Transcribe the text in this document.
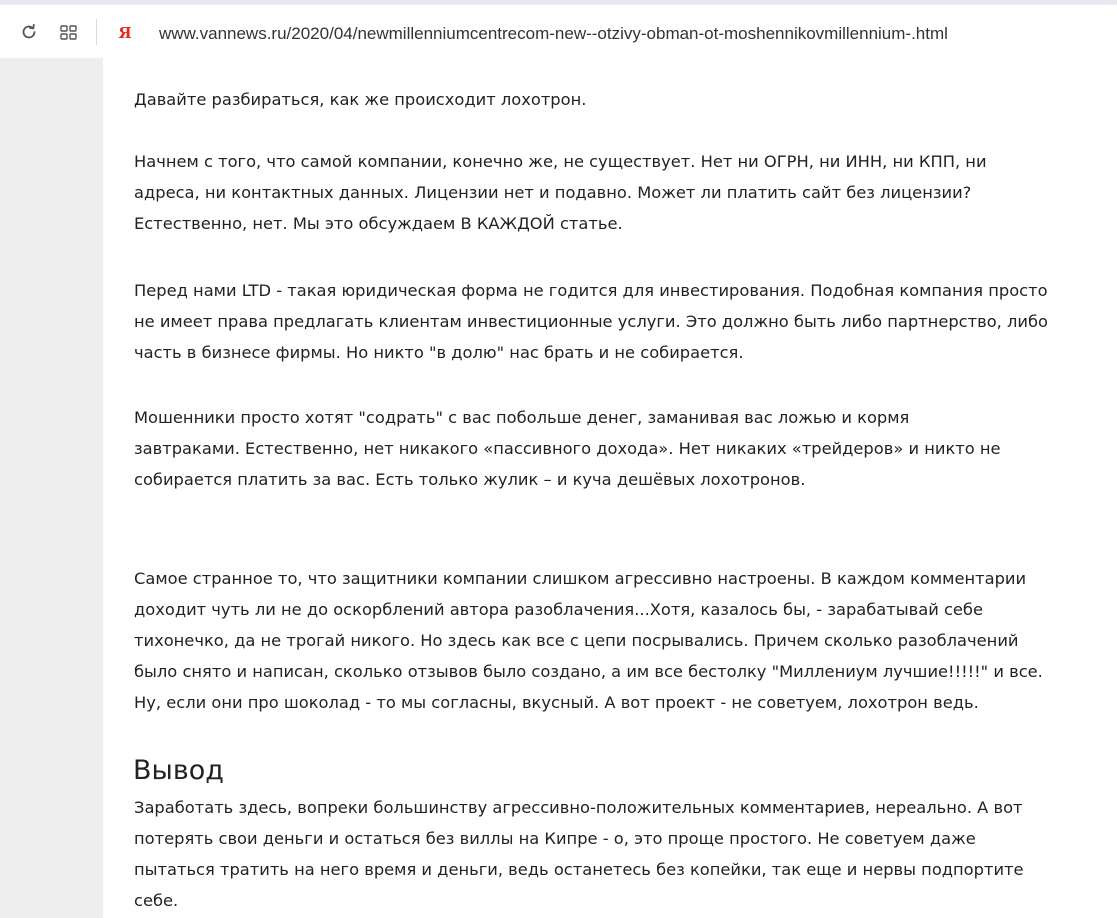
Я www.vannews.ru/2020/04/newmillenniumcentrecom-new--otzivy-obman-ot-moshennikovmillennium-.html
Давайте разбираться, как же происходит лохотрон.
Начнем с того, что самой компании, конечно же, не существует. Нет ни ОГРН, ни ИНН, ни КПП, ни
адреса, ни контактных данных. Лицензии нет и подавно. Может ли платить сайт без лицензии?
Естественно, нет. Мы это обсуждаем В КАЖДОЙ статье.
Перед нами LTD - такая юридическая форма не годится для инвестирования. Подобная компания просто
не имеет права предлагать клиентам инвестиционные услуги. Это должно быть либо партнерство, либо
часть в бизнесе фирмы. Но никто "в долю" нас брать и не собирается.
Мошенники просто хотят "содрать" с вас побольше денег, заманивая вас ложью и кормя
завтраками. Естественно, нет никакого «пассивного дохода». Нет никаких «трейдеров» и никто не
собирается платить за вас. Есть только жулик – и куча дешёвых лохотронов.
Самое странное то, что защитники компании слишком агрессивно настроены. В каждом комментарии
доходит чуть ли не до оскорблений автора разоблачения...Хотя, казалось бы, - зарабатывай себе
тихонечко, да не трогай никого. Но здесь как все с цепи посрывались. Причем сколько разоблачений
было снято и написан, сколько отзывов было создано, а им все бестолку "Миллениум лучшие!!!!!" и все.
Ну, если они про шоколад - то мы согласны, вкусный. А вот проект - не советуем, лохотрон ведь.
Вывод
Заработать здесь, вопреки большинству агрессивно-положительных комментариев, нереально. А вот
потерять свои деньги и остаться без виллы на Кипре - о, это проще простого. Не советуем даже
пытаться тратить на него время и деньги, ведь останетесь без копейки, так еще и нервы подпортите
себе.
